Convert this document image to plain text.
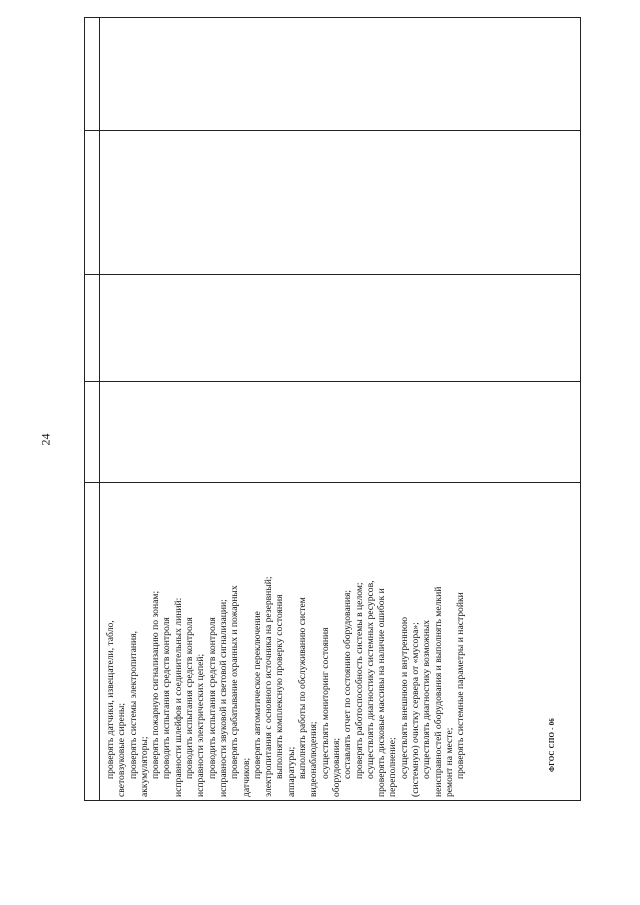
24
проверять датчики, извещатели, табло, световзуковые сирены; проверять системы электропитания, аккумуляторы; проверять пожарную сигнализацию по зонам; проводить испытания средств контроля исправности шлейфов и соединительных линий: проводить испытания средств контроля исправности электрических цепей; проводить испытания средств контроля исправности звуковой и световой сигнализации; проверять срабатывание охранных и пожарных датчиков; проверять автоматическое переключение электропитания с основного источника на резервный; выполнять комплексную проверку состояния аппаратуры; выполнять работы по обслуживанию систем видеонаблюдения; осуществлять мониторинг состояния оборудования; составлять отчет по состоянию оборудования; проверять работоспособность системы в целом; осуществлять диагностику системных ресурсов, проверять дисковые массивы на наличие ошибок и переполнение; осуществлять внешнюю и внутреннюю (системную) очистку сервера от «мусора»; осуществлять диагностику возможных неисправностей оборудования и выполнять мелкий ремонт на месте; проверять системные параметры и настройки	ФГОС СПО - 06
